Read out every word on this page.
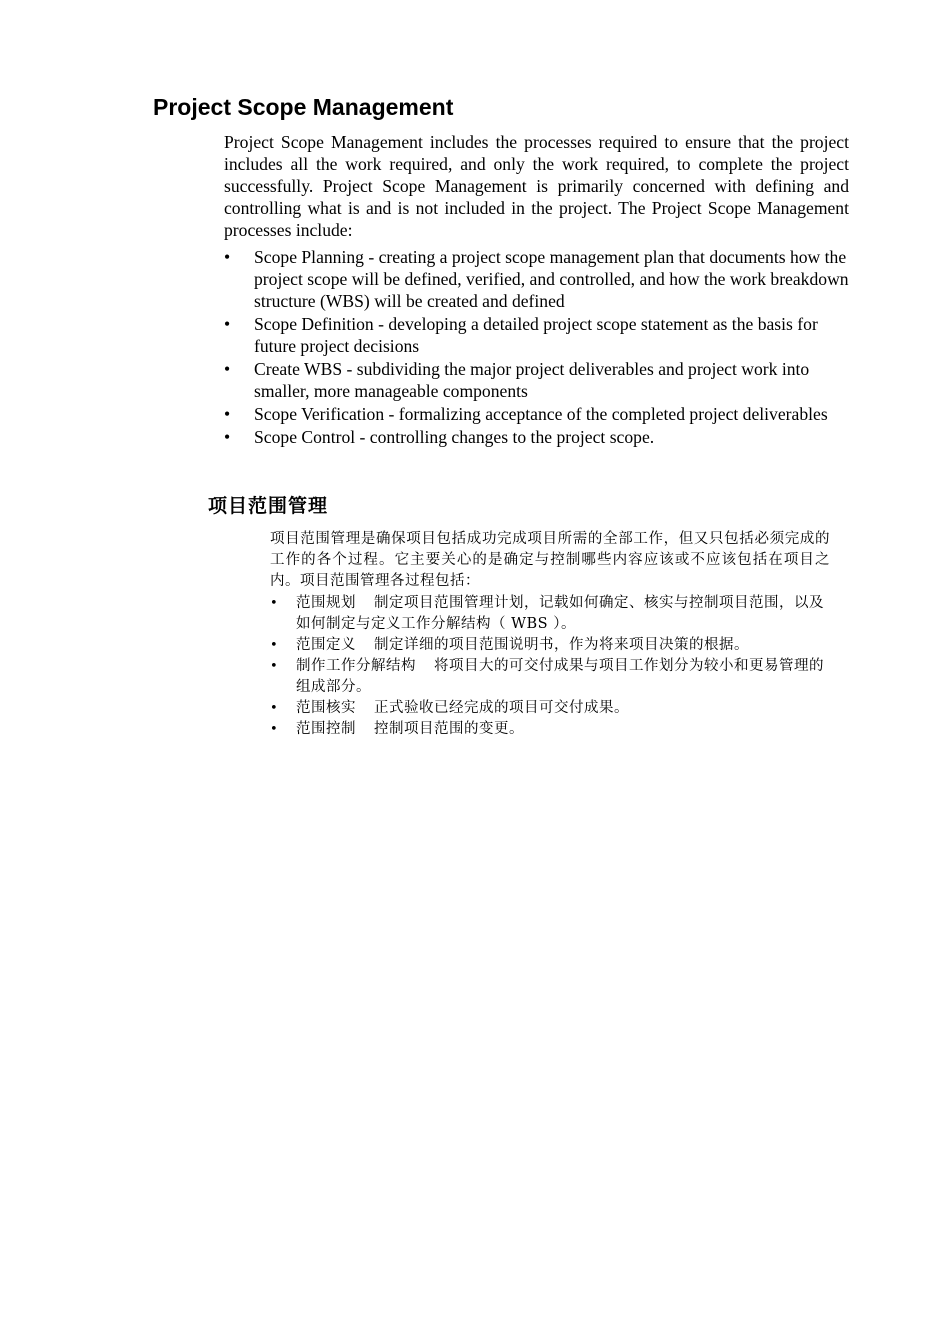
Project Scope Management

Project Scope Management includes the processes required to ensure that the project includes all the work required, and only the work required, to complete the project successfully. Project Scope Management is primarily concerned with defining and controlling what is and is not included in the project. The Project Scope Management processes include:

•	Scope Planning - creating a project scope management plan that documents how the project scope will be defined, verified, and controlled, and how the work breakdown structure (WBS) will be created and defined
•	Scope Definition - developing a detailed project scope statement as the basis for future project decisions
•	Create WBS - subdividing the major project deliverables and project work into smaller, more manageable components
•	Scope Verification - formalizing acceptance of the completed project deliverables
•	Scope Control - controlling changes to the project scope.
项目范围管理

项目范围管理是确保项目包括成功完成项目所需的全部工作，但又只包括必须完成的工作的各个过程。它主要关心的是确定与控制哪些内容应该或不应该包括在项目之内。项目范围管理各过程包括：

•	范围规划 制定项目范围管理计划，记载如何确定、核实与控制项目范围，以及如何制定与定义工作分解结构（ WBS ）。
•	范围定义 制定详细的项目范围说明书，作为将来项目决策的根据。
•	制作工作分解结构 将项目大的可交付成果与项目工作划分为较小和更易管理的组成部分。
•	范围核实 正式验收已经完成的项目可交付成果。
•	范围控制 控制项目范围的变更。
